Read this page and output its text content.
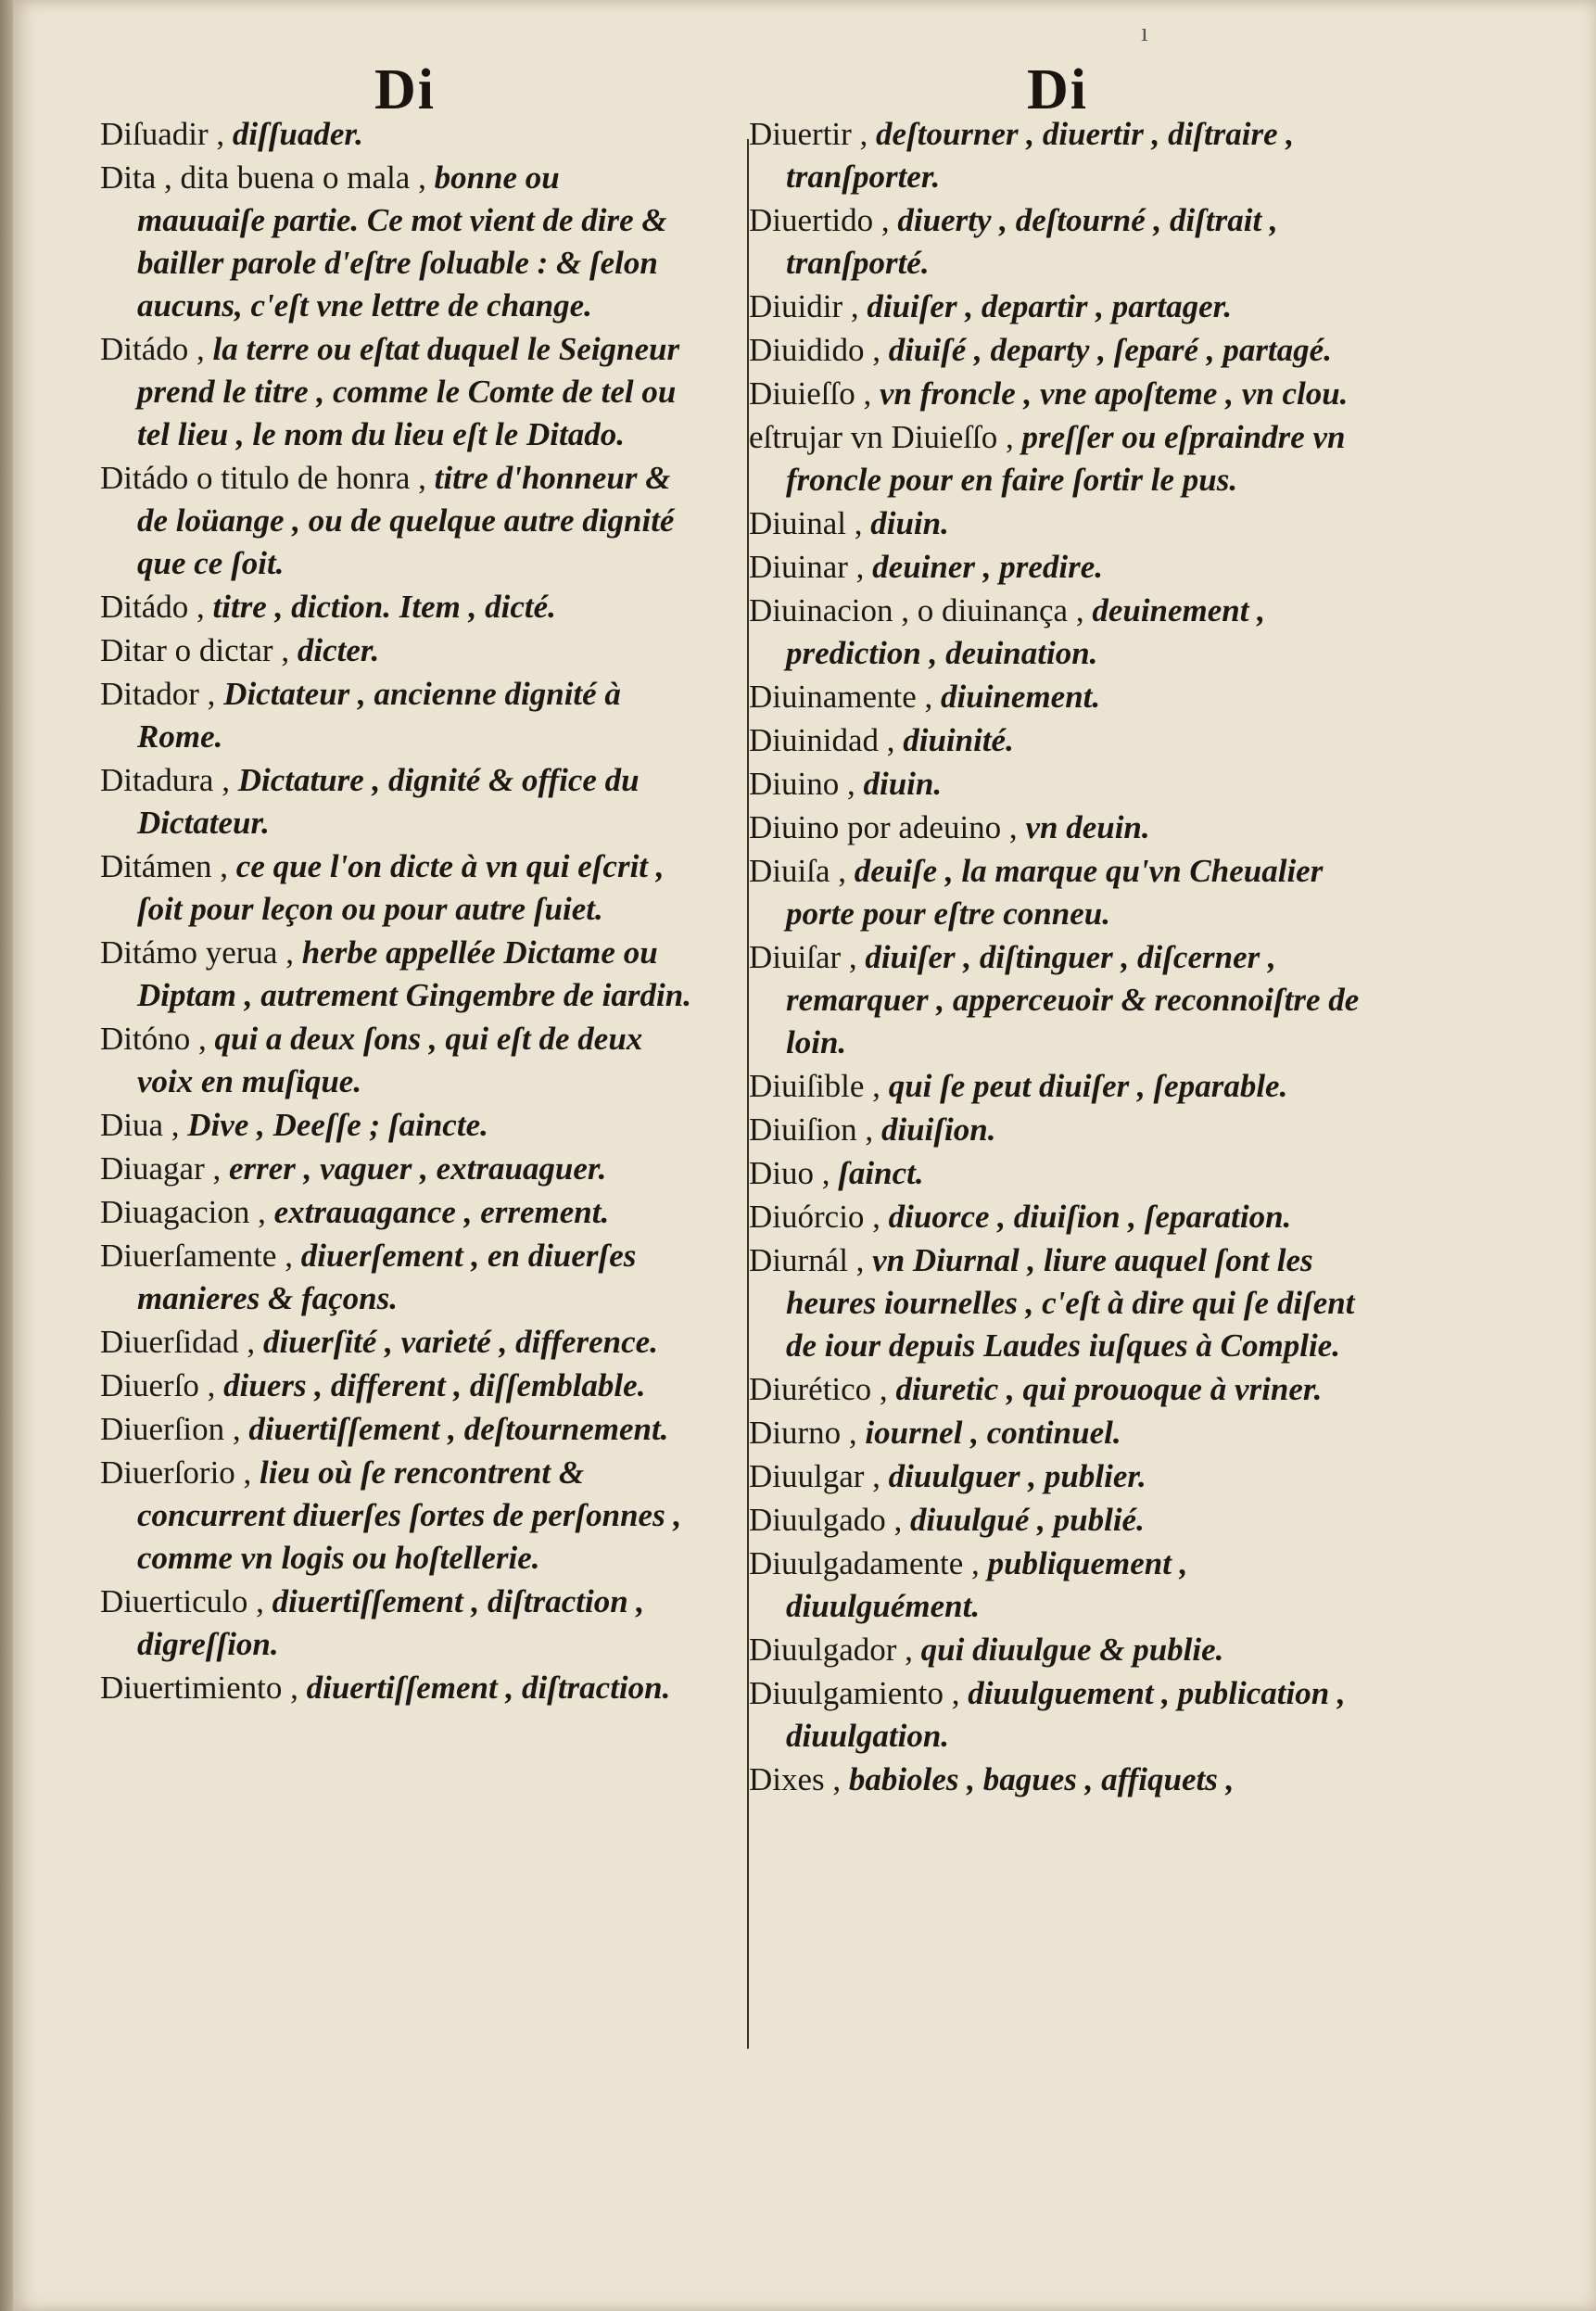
ı
Di	Di
Diſuadir , diſſuader.
Dita , dita buena o mala , bonne ou mauuaiſe partie. Ce mot vient de dire & bailler parole d'eſtre ſoluable : & ſelon aucuns, c'eſt vne lettre de change.
Ditádo , la terre ou eſtat duquel le Seigneur prend le titre , comme le Comte de tel ou tel lieu , le nom du lieu eſt le Ditado.
Ditádo o titulo de honra , titre d'honneur & de loüange , ou de quelque autre dignité que ce ſoit.
Ditádo , titre , diction. Item , dicté.
Ditar o dictar , dicter.
Ditador , Dictateur , ancienne dignité à Rome.
Ditadura , Dictature , dignité & office du Dictateur.
Ditámen , ce que l'on dicte à vn qui eſcrit , ſoit pour leçon ou pour autre ſuiet.
Ditámo yerua , herbe appellée Dictame ou Diptam , autrement Gingembre de iardin.
Ditóno , qui a deux ſons , qui eſt de deux voix en muſique.
Diua , Dive , Deeſſe ; ſaincte.
Diuagar , errer , vaguer , extrauaguer.
Diuagacion , extrauagance , errement.
Diuerſamente , diuerſement , en diuerſes manieres & façons.
Diuerſidad , diuerſité , varieté , difference.
Diuerſo , diuers , different , diſſemblable.
Diuerſion , diuertiſſement , deſtournement.
Diuerſorio , lieu où ſe rencontrent & concurrent diuerſes ſortes de perſonnes , comme vn logis ou hoſtellerie.
Diuerticulo , diuertiſſement , diſtraction , digreſſion.
Diuertimiento , diuertiſſement , diſtraction.
Diuertir , deſtourner , diuertir , diſtraire , tranſporter.
Diuertido , diuerty , deſtourné , diſtrait , tranſporté.
Diuidir , diuiſer , departir , partager.
Diuidido , diuiſé , departy , ſeparé , partagé.
Diuieſſo , vn froncle , vne apoſteme , vn clou.
eſtrujar vn Diuieſſo , preſſer ou eſpraindre vn froncle pour en faire ſortir le pus.
Diuinal , diuin.
Diuinar , deuiner , predire.
Diuinacion , o diuinança , deuinement , prediction , deuination.
Diuinamente , diuinement.
Diuinidad , diuinité.
Diuino , diuin.
Diuino por adeuino , vn deuin.
Diuiſa , deuiſe , la marque qu'vn Cheualier porte pour eſtre conneu.
Diuiſar , diuiſer , diſtinguer , diſcerner , remarquer , apperceuoir & reconnoiſtre de loin.
Diuiſible , qui ſe peut diuiſer , ſeparable.
Diuiſion , diuiſion.
Diuo , ſainct.
Diuórcio , diuorce , diuiſion , ſeparation.
Diurnál , vn Diurnal , liure auquel ſont les heures iournelles , c'eſt à dire qui ſe diſent de iour depuis Laudes iuſques à Complie.
Diurético , diuretic , qui prouoque à vriner.
Diurno , iournel , continuel.
Diuulgar , diuulguer , publier.
Diuulgado , diuulgué , publié.
Diuulgadamente , publiquement , diuulguément.
Diuulgador , qui diuulgue & publie.
Diuulgamiento , diuulguement , publication , diuulgation.
Dixes , babioles , bagues , affiquets ,
